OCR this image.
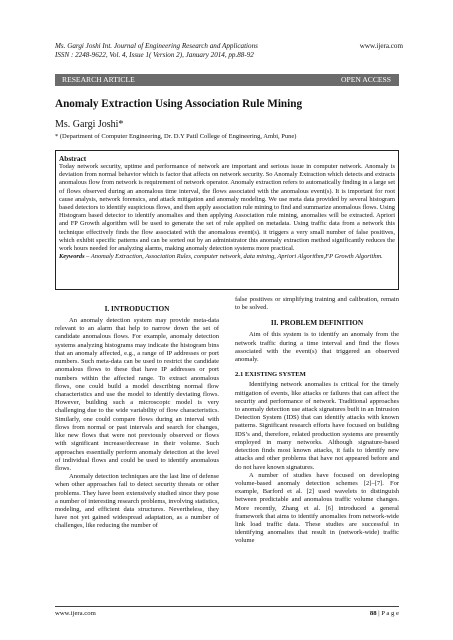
Ms. Gargi Joshi Int. Journal of Engineering Research and Applications
ISSN : 2248-9622, Vol. 4, Issue 1( Version 2), January 2014, pp.88-92
www.ijera.com
RESEARCH ARTICLE	OPEN ACCESS
Anomaly Extraction Using Association Rule Mining
Ms. Gargi Joshi*
* (Department of Computer Engineering, Dr. D.Y Patil College of Engineering, Ambi, Pune)
Abstract
Today network security, uptime and performance of network are important and serious issue in computer network. Anomaly is deviation from normal behavior which is factor that affects on network security. So Anomaly Extraction which detects and extracts anomalous flow from network is requirement of network operator. Anomaly extraction refers to automatically finding in a large set of flows observed during an anomalous time interval, the flows associated with the anomalous event(s). It is important for root cause analysis, network forensics, and attack mitigation and anomaly modeling. We use meta data provided by several histogram based detectors to identify suspicious flows, and then apply association rule mining to find and summarize anomalous flows. Using Histogram based detector to identify anomalies and then applying Association rule mining, anomalies will be extracted. Apriori and FP Growth algorithm will be used to generate the set of rule applied on metadata. Using traffic data from a network this technique effectively finds the flow associated with the anomalous event(s). it triggers a very small number of false positives, which exhibit specific patterns and can be sorted out by an administrator this anomaly extraction method significantly reduces the work hours needed for analyzing alarms, making anomaly detection systems more practical.
Keywords – Anomaly Extraction, Association Rules, computer network, data mining, Apriori Algorithm,FP Growth Algorithm.
I. INTRODUCTION

An anomaly detection system may provide meta-data relevant to an alarm that help to narrow down the set of candidate anomalous flows. For example, anomaly detection systems analyzing histograms may indicate the histogram bins that an anomaly affected, e.g., a range of IP addresses or port numbers. Such meta-data can be used to restrict the candidate anomalous flows to these that have IP addresses or port numbers within the affected range. To extract anomalous flows, one could build a model describing normal flow characteristics and use the model to identify deviating flows. However, building such a microscopic model is very challenging due to the wide variability of flow characteristics. Similarly, one could compare flows during an interval with flows from normal or past intervals and search for changes, like new flows that were not previously observed or flows with significant increase/decrease in their volume. Such approaches essentially perform anomaly detection at the level of individual flows and could be used to identify anomalous flows.

Anomaly detection techniques are the last line of defense when other approaches fail to detect security threats or other problems. They have been extensively studied since they pose a number of interesting research problems, involving statistics, modeling, and efficient data structures. Nevertheless, they have not yet gained widespread adaptation, as a number of challenges, like reducing the number of

false positives or simplifying training and calibration, remain to be solved.

II. PROBLEM DEFINITION

Aim of this system is to identify an anomaly from the network traffic during a time interval and find the flows associated with the event(s) that triggered an observed anomaly.

2.1 EXISTING SYSTEM

Identifying network anomalies is critical for the timely mitigation of events, like attacks or failures that can affect the security and performance of network. Traditional approaches to anomaly detection use attack signatures built in an Intrusion Detection System (IDS) that can identify attacks with known patterns. Significant research efforts have focused on building IDS’s and, therefore, related production systems are presently employed in many networks. Although signature-based detection finds most known attacks, it fails to identify new attacks and other problems that have not appeared before and do not have known signatures.

A number of studies have focused on developing volume-based anomaly detection schemes [2]–[7]. For example, Barford et al. [2] used wavelets to distinguish between predictable and anomalous traffic volume changes. More recently, Zhang et al. [6] introduced a general framework that aims to identify anomalies from network-wide link load traffic data. These studies are successful in identifying anomalies that result in (network-wide) traffic volume

www.ijera.com	88 | P a g e
